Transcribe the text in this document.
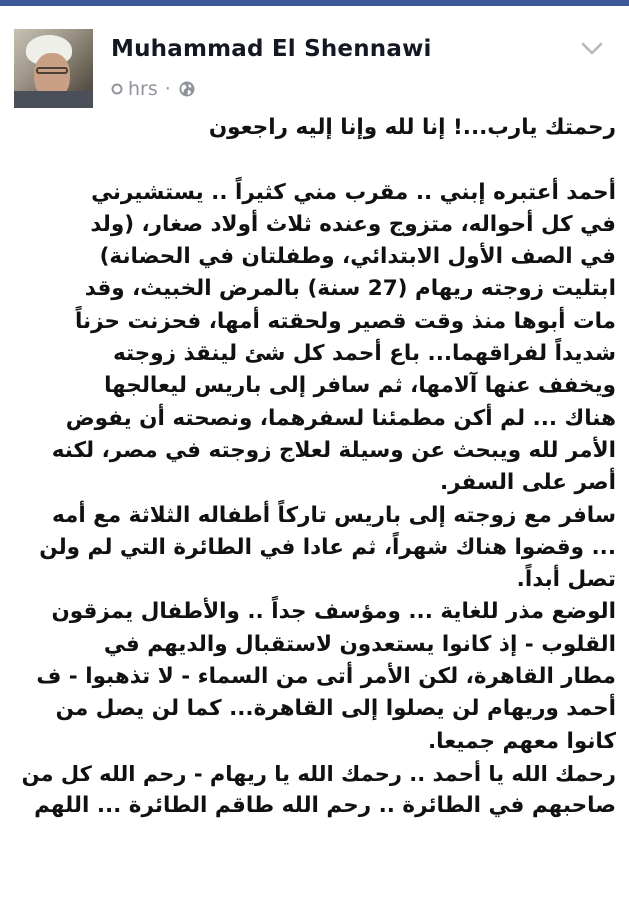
Muhammad El Shennawi
hrs ·
رحمتك يارب...! إنا لله وإنا إليه راجعون
أحمد أعتبره إبني .. مقرب مني كثيراً .. يستشيرني
في كل أحواله، متزوج وعنده ثلاث أولاد صغار، (ولد
في الصف الأول الابتدائي، وطفلتان في الحضانة)
ابتليت زوجته ريهام (27 سنة) بالمرض الخبيث، وقد
مات أبوها منذ وقت قصير ولحقته أمها، فحزنت حزناً
شديداً لفراقهما... باع أحمد كل شئ لينقذ زوجته
ويخفف عنها آلامها، ثم سافر إلى باريس ليعالجها
هناك ... لم أكن مطمئنا لسفرهما، ونصحته أن يفوض
الأمر لله ويبحث عن وسيلة لعلاج زوجته في مصر، لكنه
أصر على السفر.
سافر مع زوجته إلى باريس تاركاً أطفاله الثلاثة مع أمه
... وقضوا هناك شهراً، ثم عادا في الطائرة التي لم ولن
تصل أبداً.
الوضع مذر للغاية ... ومؤسف جداً .. والأطفال يمزقون
القلوب - إذ كانوا يستعدون لاستقبال والديهم في
مطار القاهرة، لكن الأمر أتى من السماء - لا تذهبوا - ف
أحمد وريهام لن يصلوا إلى القاهرة... كما لن يصل من
كانوا معهم جميعا.
رحمك الله يا أحمد .. رحمك الله يا ريهام - رحم الله كل من
صاحبهم في الطائرة .. رحم الله طاقم الطائرة ... اللهم
